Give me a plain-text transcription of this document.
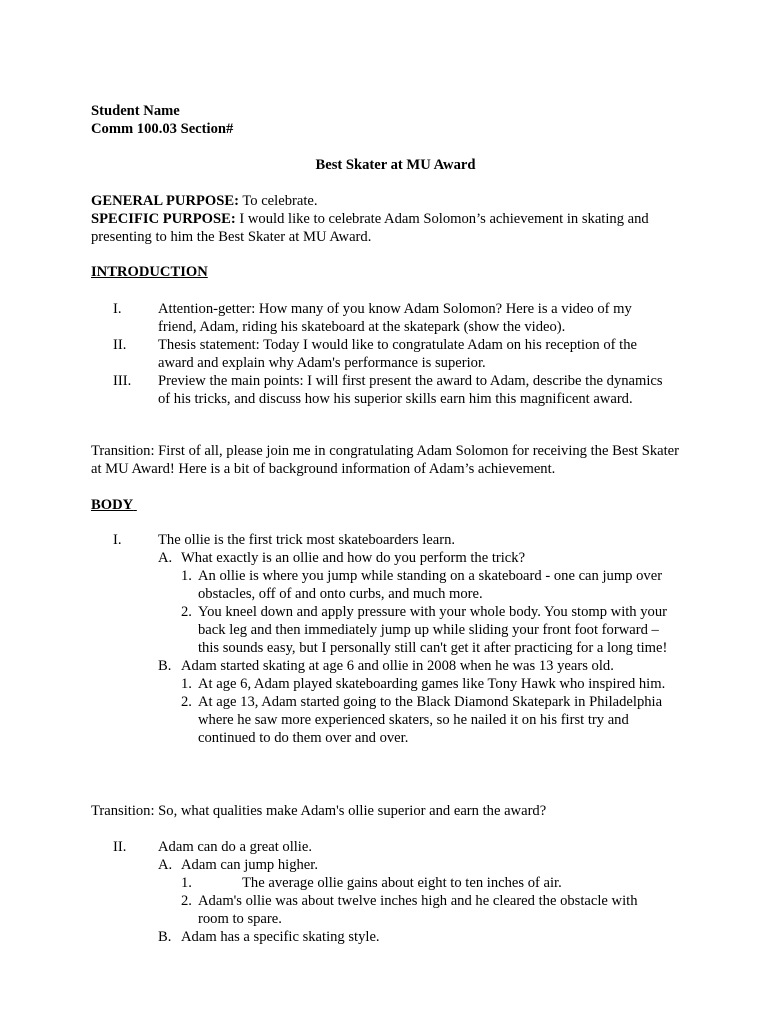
Student Name
Comm 100.03 Section#
Best Skater at MU Award
GENERAL PURPOSE: To celebrate.
SPECIFIC PURPOSE: I would like to celebrate Adam Solomon’s achievement in skating and presenting to him the Best Skater at MU Award.
INTRODUCTION
I. Attention-getter: How many of you know Adam Solomon? Here is a video of my friend, Adam, riding his skateboard at the skatepark (show the video).
II. Thesis statement: Today I would like to congratulate Adam on his reception of the award and explain why Adam's performance is superior.
III. Preview the main points: I will first present the award to Adam, describe the dynamics of his tricks, and discuss how his superior skills earn him this magnificent award.
Transition: First of all, please join me in congratulating Adam Solomon for receiving the Best Skater at MU Award! Here is a bit of background information of Adam’s achievement.
BODY
I. The ollie is the first trick most skateboarders learn.
A. What exactly is an ollie and how do you perform the trick?
1. An ollie is where you jump while standing on a skateboard - one can jump over obstacles, off of and onto curbs, and much more.
2. You kneel down and apply pressure with your whole body. You stomp with your back leg and then immediately jump up while sliding your front foot forward – this sounds easy, but I personally still can't get it after practicing for a long time!
B. Adam started skating at age 6 and ollie in 2008 when he was 13 years old.
1. At age 6, Adam played skateboarding games like Tony Hawk who inspired him.
2. At age 13, Adam started going to the Black Diamond Skatepark in Philadelphia where he saw more experienced skaters, so he nailed it on his first try and continued to do them over and over.
Transition: So, what qualities make Adam's ollie superior and earn the award?
II. Adam can do a great ollie.
A. Adam can jump higher.
1.	The average ollie gains about eight to ten inches of air.
2. Adam's ollie was about twelve inches high and he cleared the obstacle with room to spare.
B. Adam has a specific skating style.
